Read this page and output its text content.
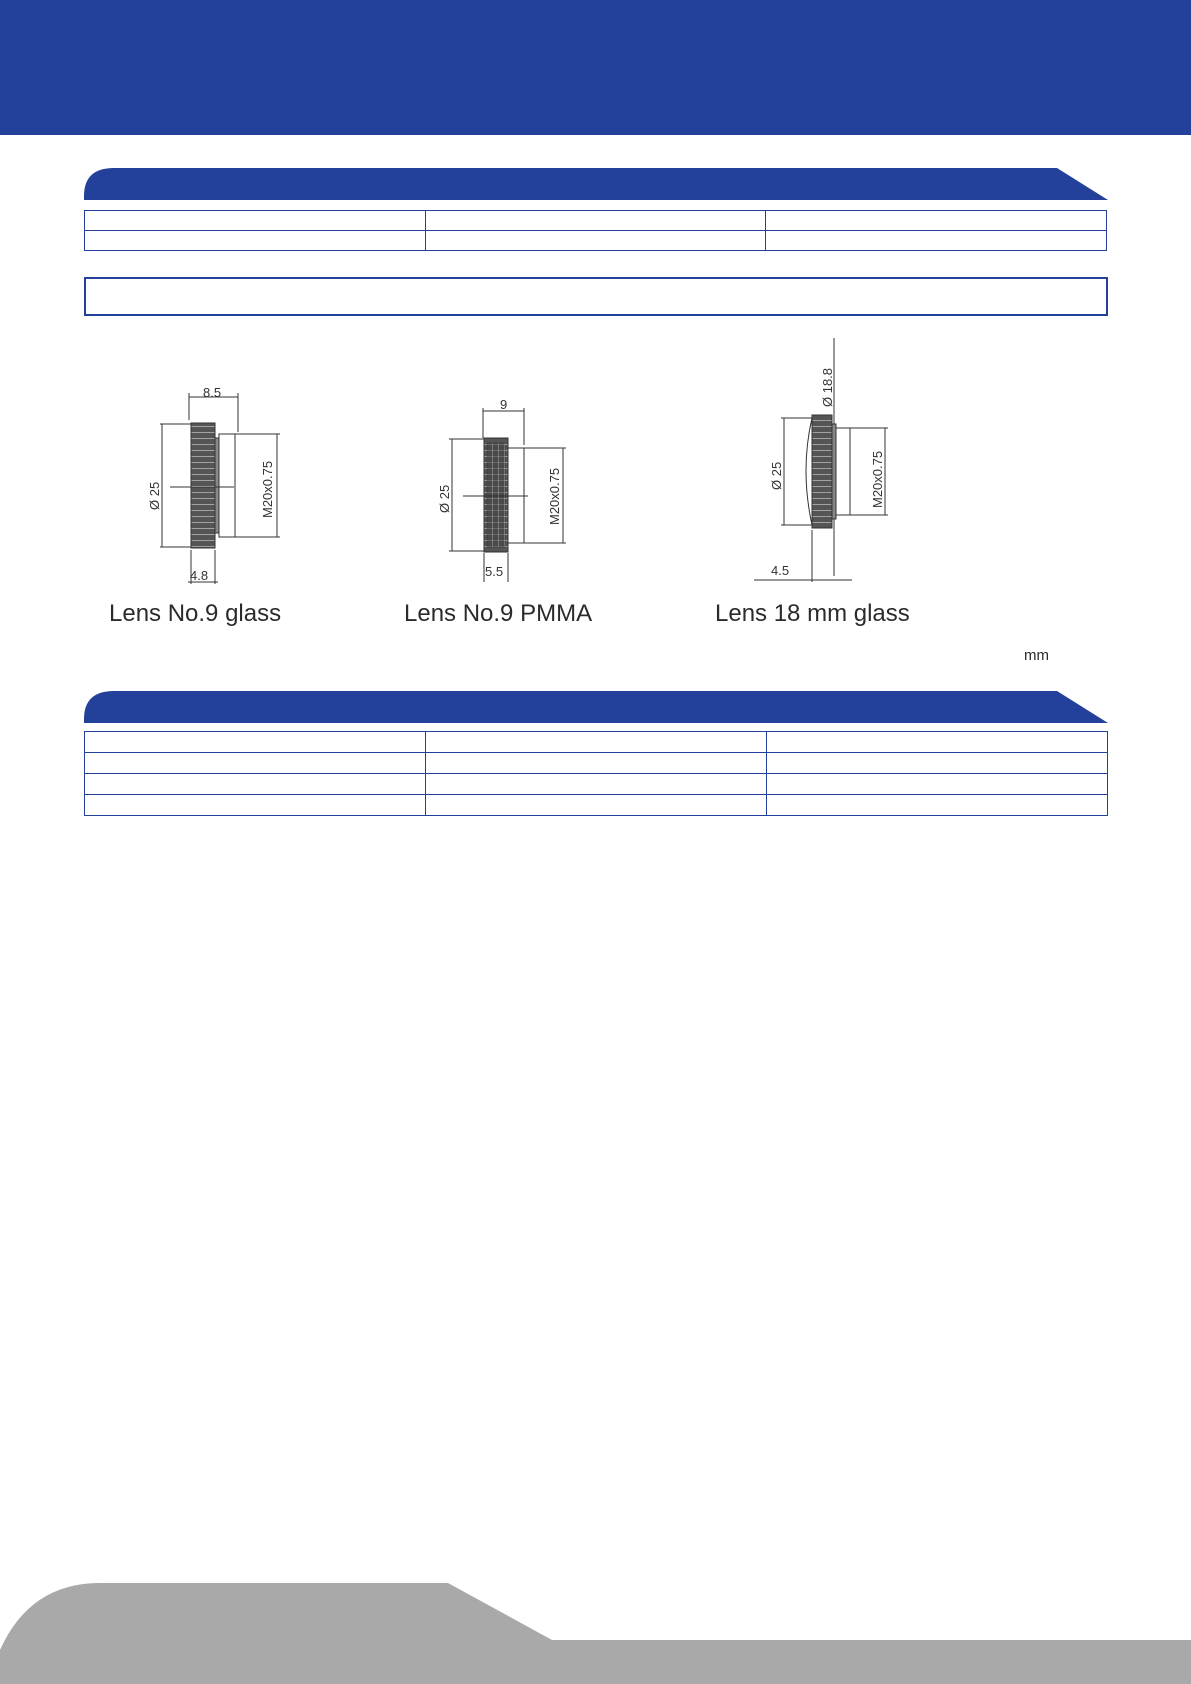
8.5
Ø 25	M20x0.75
4.8
9
Ø 25	M20x0.75
5.5
Ø 18.8
Ø 25	M20x0.75
4.5

Lens No.9 glass	Lens No.9 PMMA	Lens 18 mm glass

mm
